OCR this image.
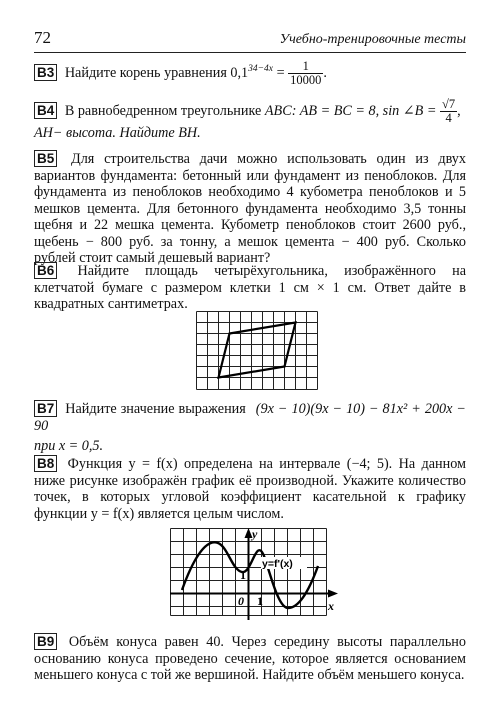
72	Учебно-тренировочные тесты
B3 Найдите корень уравнения $0,1^{34-4x} = \frac{1}{10000}$ .
B4 В равнобедренном треугольнике ABC: AB = BC = 8, sin ∠B = $\frac{√7}{4}$ ,
AH− высота. Найдите BH.
B5 Для строительства дачи можно использовать один из двух вариантов фундамента: бетонный или фундамент из пеноблоков. Для фундамента из пеноблоков необходимо 4 кубометра пеноблоков и 5 мешков цемента. Для бетонного фундамента необходимо 3,5 тонны щебня и 22 мешка цемента. Кубометр пеноблоков стоит 2600 руб., щебень − 800 руб. за тонну, а мешок цемента − 400 руб. Сколько рублей стоит самый дешевый вариант?
B6 Найдите площадь четырёхугольника, изображённого на клетчатой бумаге с размером клетки 1 см × 1 см. Ответ дайте в квадратных сантиметрах.
B7 Найдите значение выражения (9x − 10)(9x − 10) − 81x² + 200x − 90
при x = 0,5.
B8 Функция y = f(x) определена на интервале (−4; 5). На данном ниже рисунке изображён график её производной. Укажите количество точек, в которых угловой коэффициент касательной к графику функции y = f(x) является целым числом.
y=f'(x)
y
x
0 1
1
B9 Объём конуса равен 40. Через середину высоты параллельно основанию конуса проведено сечение, которое является основанием меньшего конуса с той же вершиной. Найдите объём меньшего конуса.
